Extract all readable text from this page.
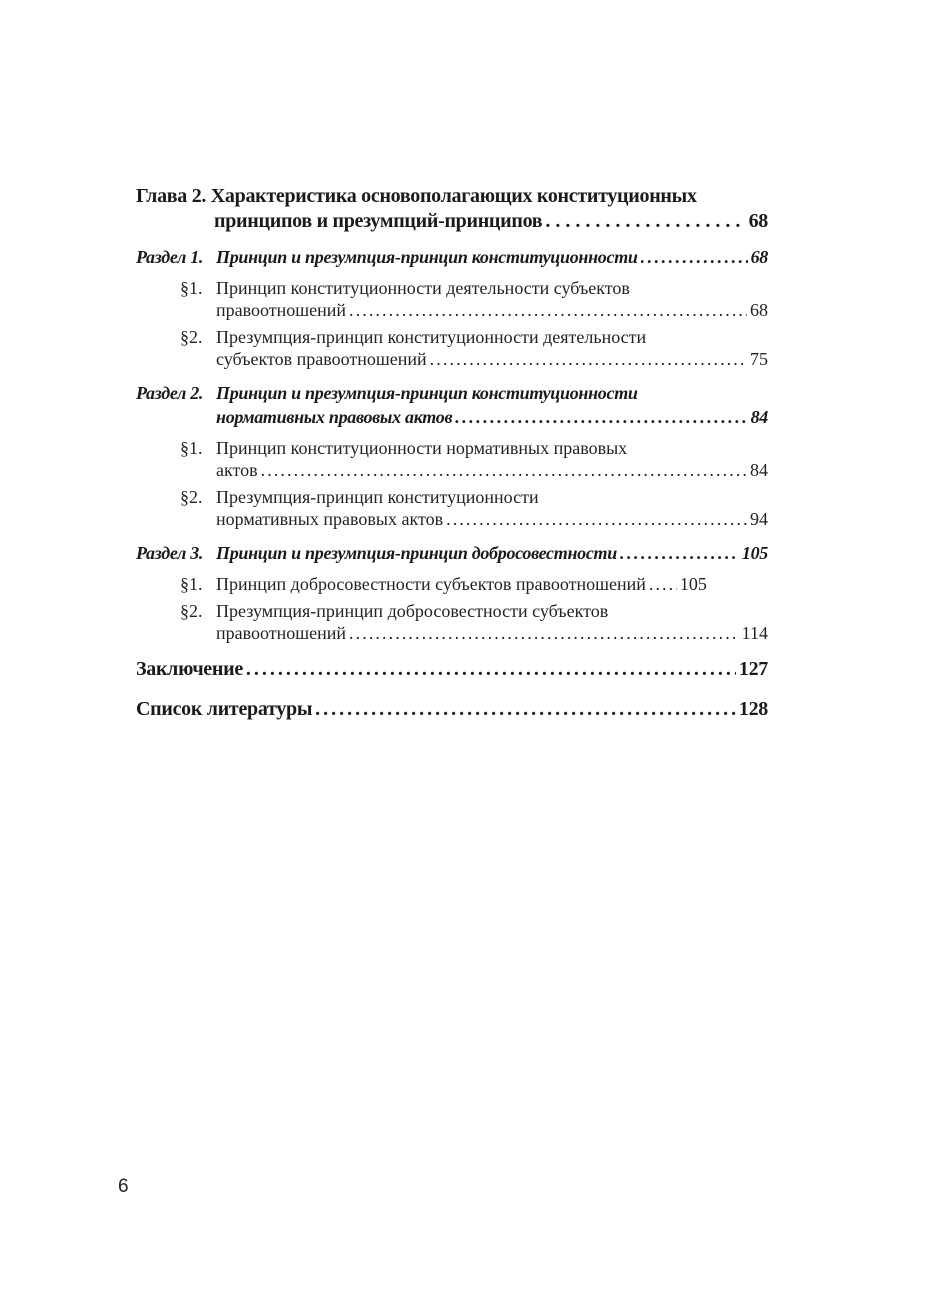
Глава 2. Характеристика основополагающих конституционных
принципов и презумпций-принципов . . .	68
Раздел 1. Принцип и презумпция-принцип конституционности . . .	68
§1. Принцип конституционности деятельности субъектов
правоотношений . . .	68
§2. Презумпция-принцип конституционности деятельности
субъектов правоотношений . . .	75
Раздел 2. Принцип и презумпция-принцип конституционности
нормативных правовых актов . . .	84
§1. Принцип конституционности нормативных правовых
актов . . .	84
§2. Презумпция-принцип конституционности
нормативных правовых актов . . .	94
Раздел 3. Принцип и презумпция-принцип добросовестности . . .	105
§1. Принцип добросовестности субъектов правоотношений . . . 105
§2. Презумпция-принцип добросовестности субъектов
правоотношений . . .	114
Заключение . . .	127
Список литературы . . .	128
6
